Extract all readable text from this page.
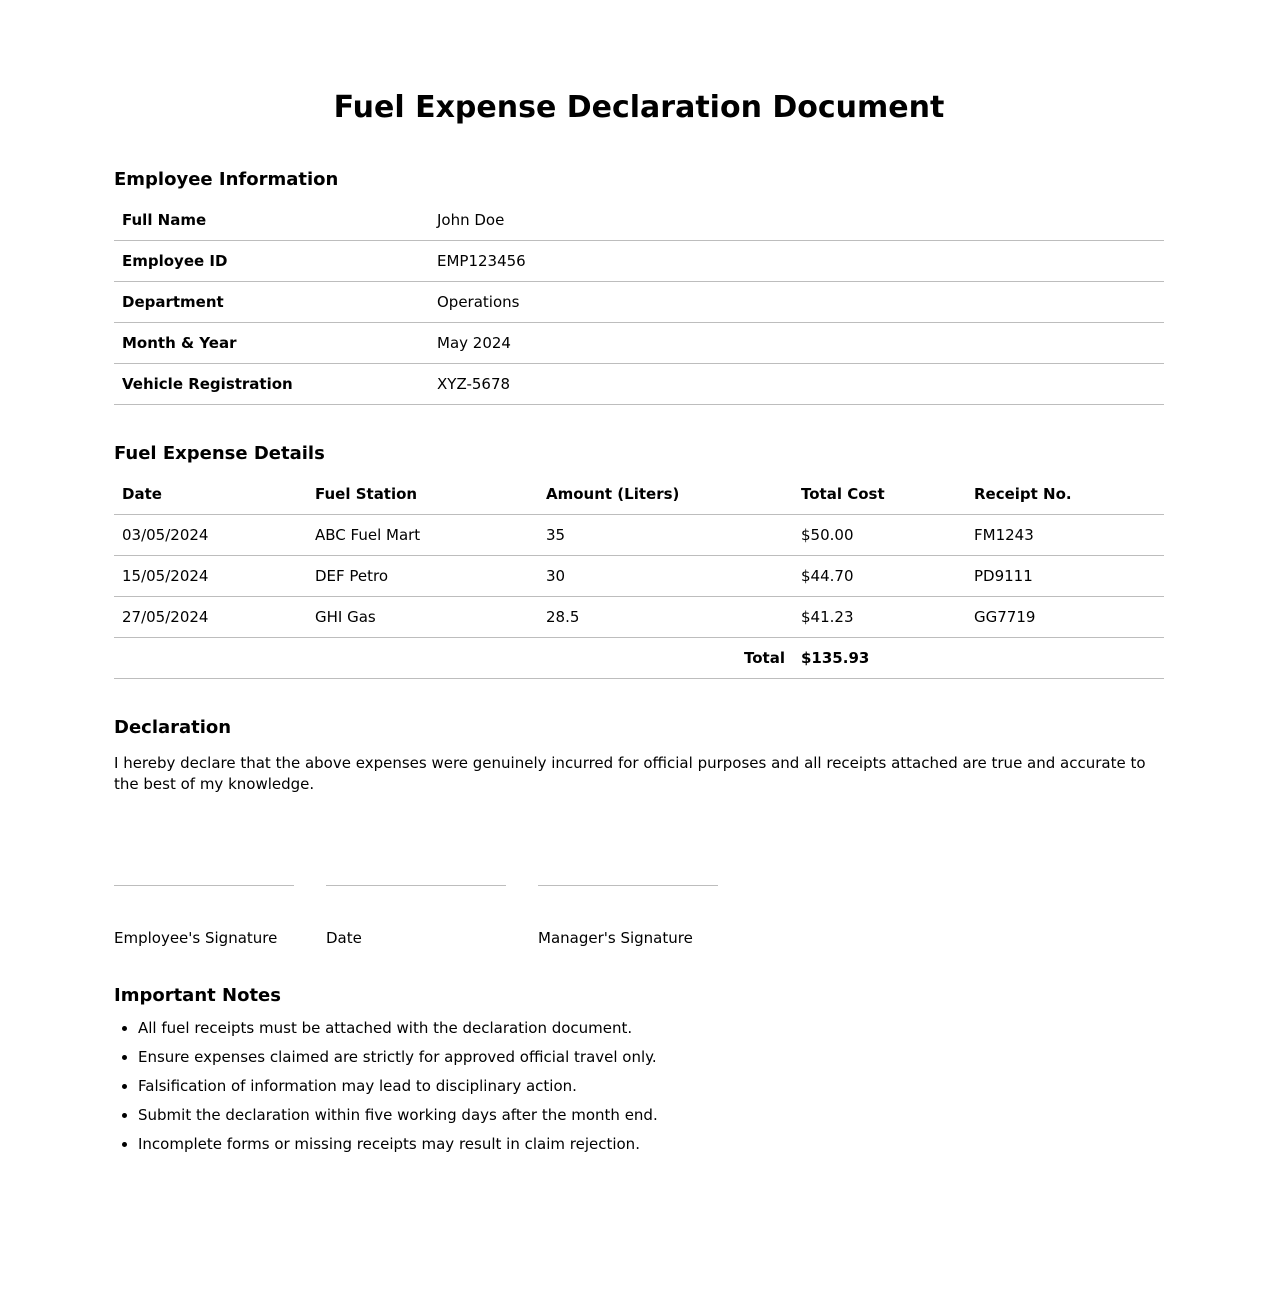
Fuel Expense Declaration Document
Employee Information
Full Name	John Doe
Employee ID	EMP123456
Department	Operations
Month & Year	May 2024
Vehicle Registration	XYZ-5678
Fuel Expense Details
Date	Fuel Station	Amount (Liters)	Total Cost	Receipt No.
03/05/2024	ABC Fuel Mart	35	$50.00	FM1243
15/05/2024	DEF Petro	30	$44.70	PD9111
27/05/2024	GHI Gas	28.5	$41.23	GG7719
Total			$135.93	
Declaration

I hereby declare that the above expenses were genuinely incurred for official purposes and all receipts attached are true and accurate to the best of my knowledge.

Employee's Signature	Date	Manager's Signature
Important Notes
• All fuel receipts must be attached with the declaration document.
• Ensure expenses claimed are strictly for approved official travel only.
• Falsification of information may lead to disciplinary action.
• Submit the declaration within five working days after the month end.
• Incomplete forms or missing receipts may result in claim rejection.
